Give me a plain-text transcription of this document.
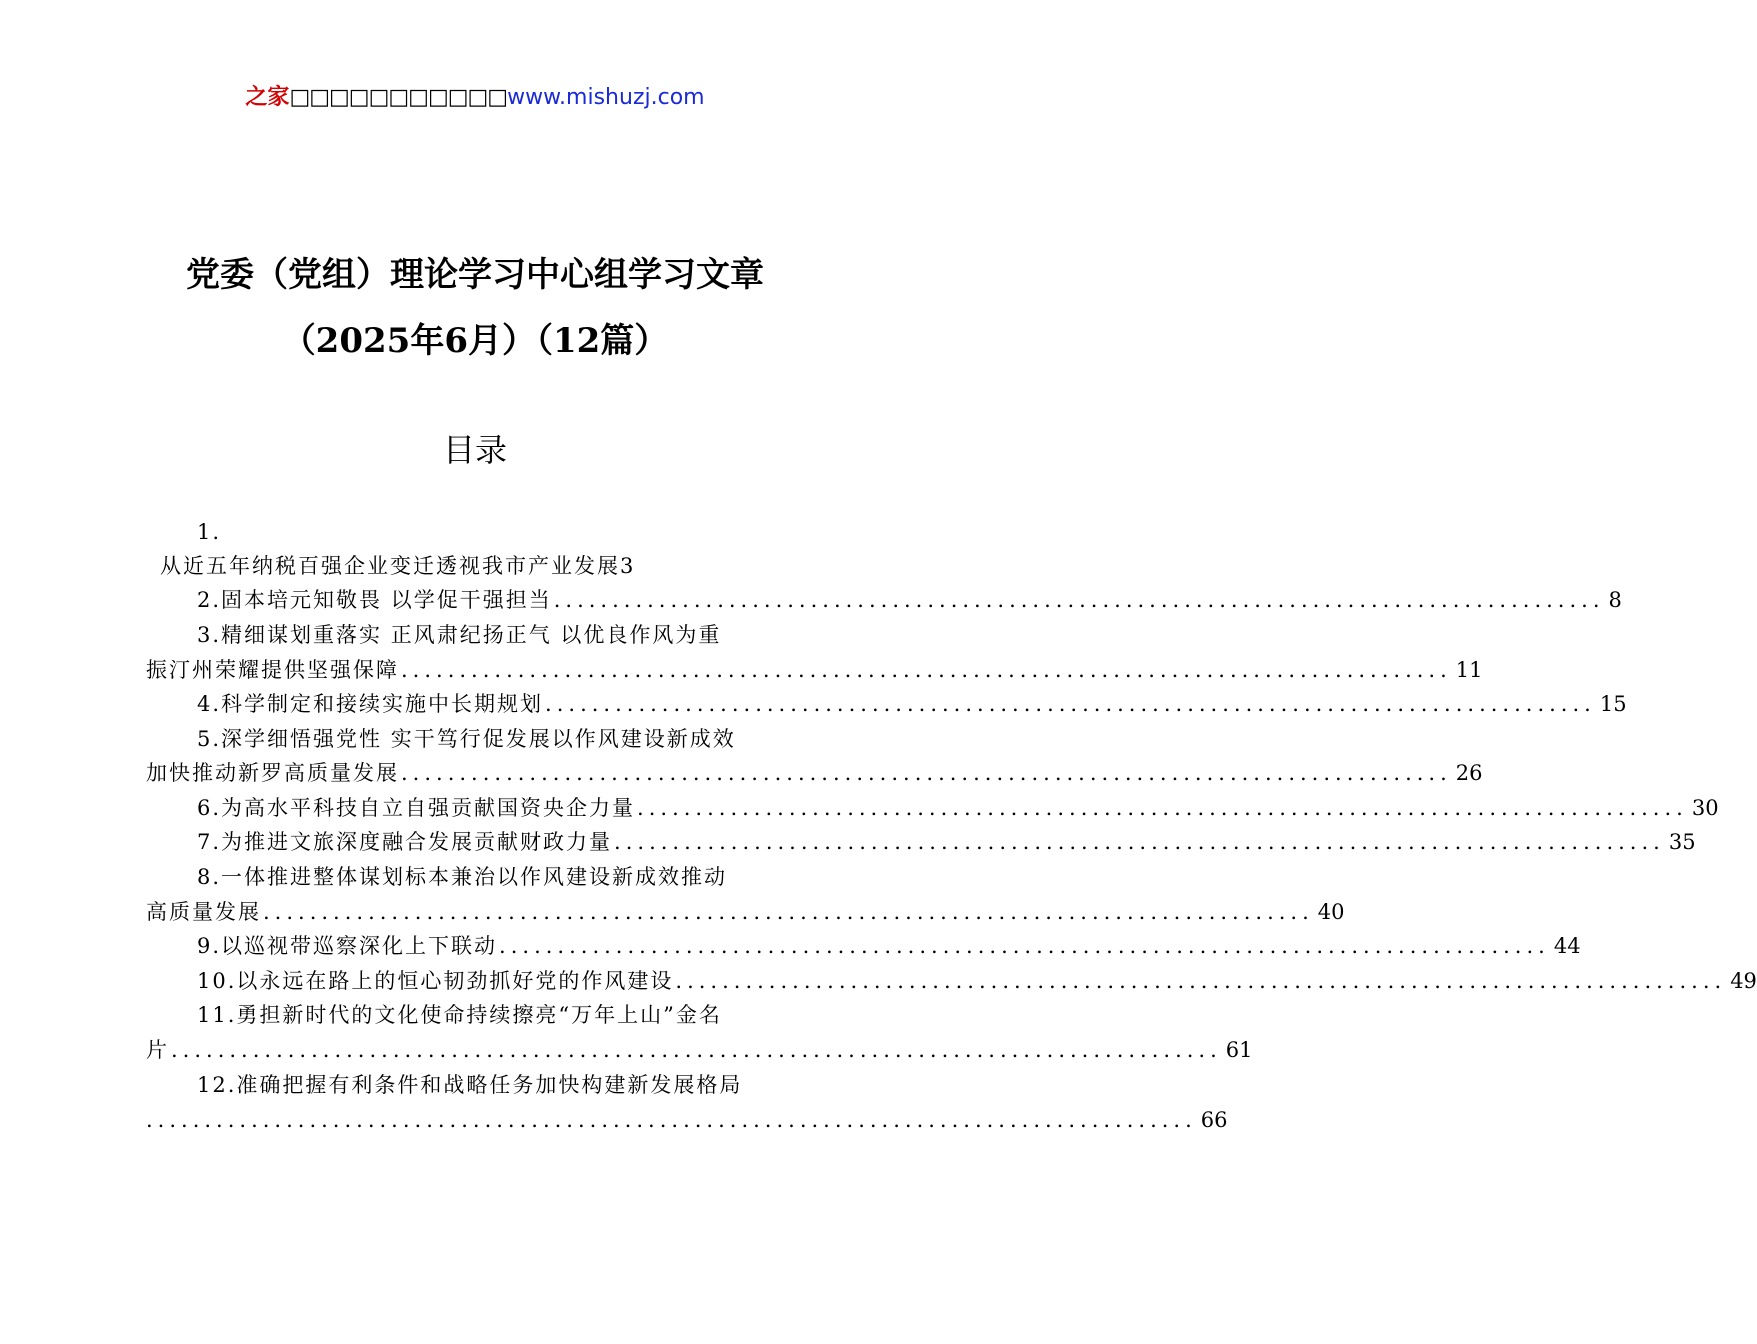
之家□□□□□□□□□□□www.mishuzj.com
党委（党组）理论学习中心组学习文章
（2025年6月）（12篇）
目录
1.
从近五年纳税百强企业变迁透视我市产业发展3
2.固本培元知敬畏 以学促干强担当 .......................................................................................... 8
3.精细谋划重落实 正风肃纪扬正气 以优良作风为重
振汀州荣耀提供坚强保障 .......................................................................................... 11
4.科学制定和接续实施中长期规划 .......................................................................................... 15
5.深学细悟强党性 实干笃行促发展以作风建设新成效
加快推动新罗高质量发展 .......................................................................................... 26
6.为高水平科技自立自强贡献国资央企力量 .......................................................................................... 30
7.为推进文旅深度融合发展贡献财政力量 .......................................................................................... 35
8.一体推进整体谋划标本兼治以作风建设新成效推动
高质量发展 .......................................................................................... 40
9.以巡视带巡察深化上下联动 .......................................................................................... 44
10.以永远在路上的恒心韧劲抓好党的作风建设 .......................................................................................... 49
11.勇担新时代的文化使命持续擦亮“万年上山”金名
片 .......................................................................................... 61
12.准确把握有利条件和战略任务加快构建新发展格局
.......................................................................................... 66
